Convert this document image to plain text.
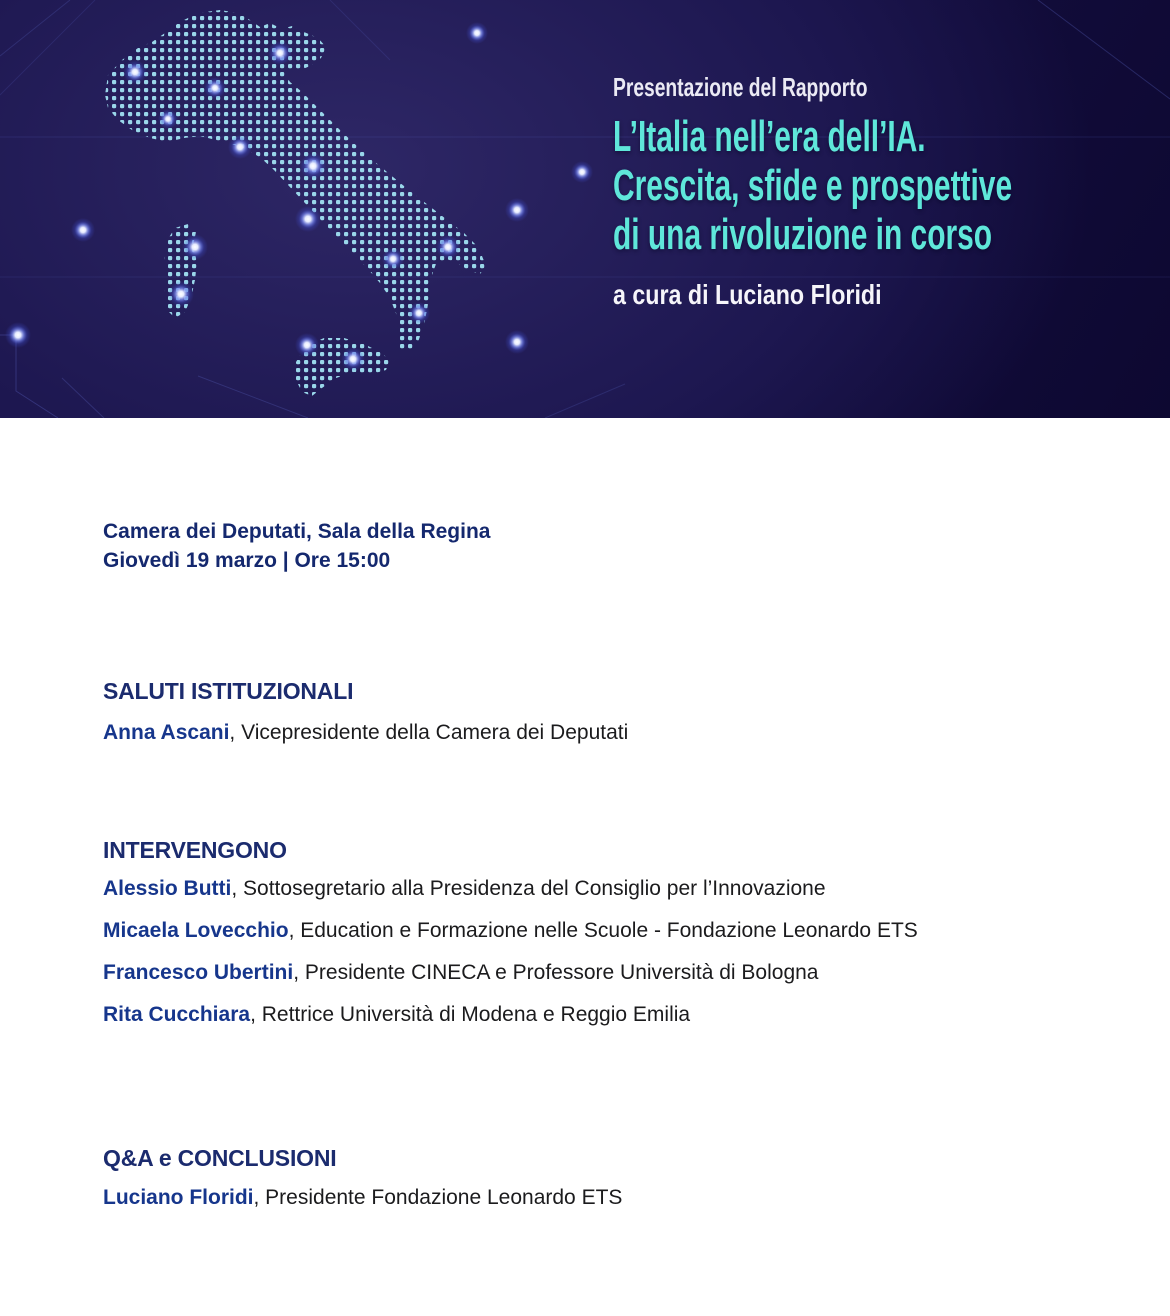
Presentazione del Rapporto
L’Italia nell’era dell’IA.
Crescita, sfide e prospettive
di una rivoluzione in corso
a cura di Luciano Floridi
Camera dei Deputati, Sala della Regina
Giovedì 19 marzo | Ore 15:00
SALUTI ISTITUZIONALI

Anna Ascani, Vicepresidente della Camera dei Deputati

INTERVENGONO

Alessio Butti, Sottosegretario alla Presidenza del Consiglio per l’Innovazione

Micaela Lovecchio, Education e Formazione nelle Scuole - Fondazione Leonardo ETS

Francesco Ubertini, Presidente CINECA e Professore Università di Bologna

Rita Cucchiara, Rettrice Università di Modena e Reggio Emilia

Q&A e CONCLUSIONI

Luciano Floridi, Presidente Fondazione Leonardo ETS
